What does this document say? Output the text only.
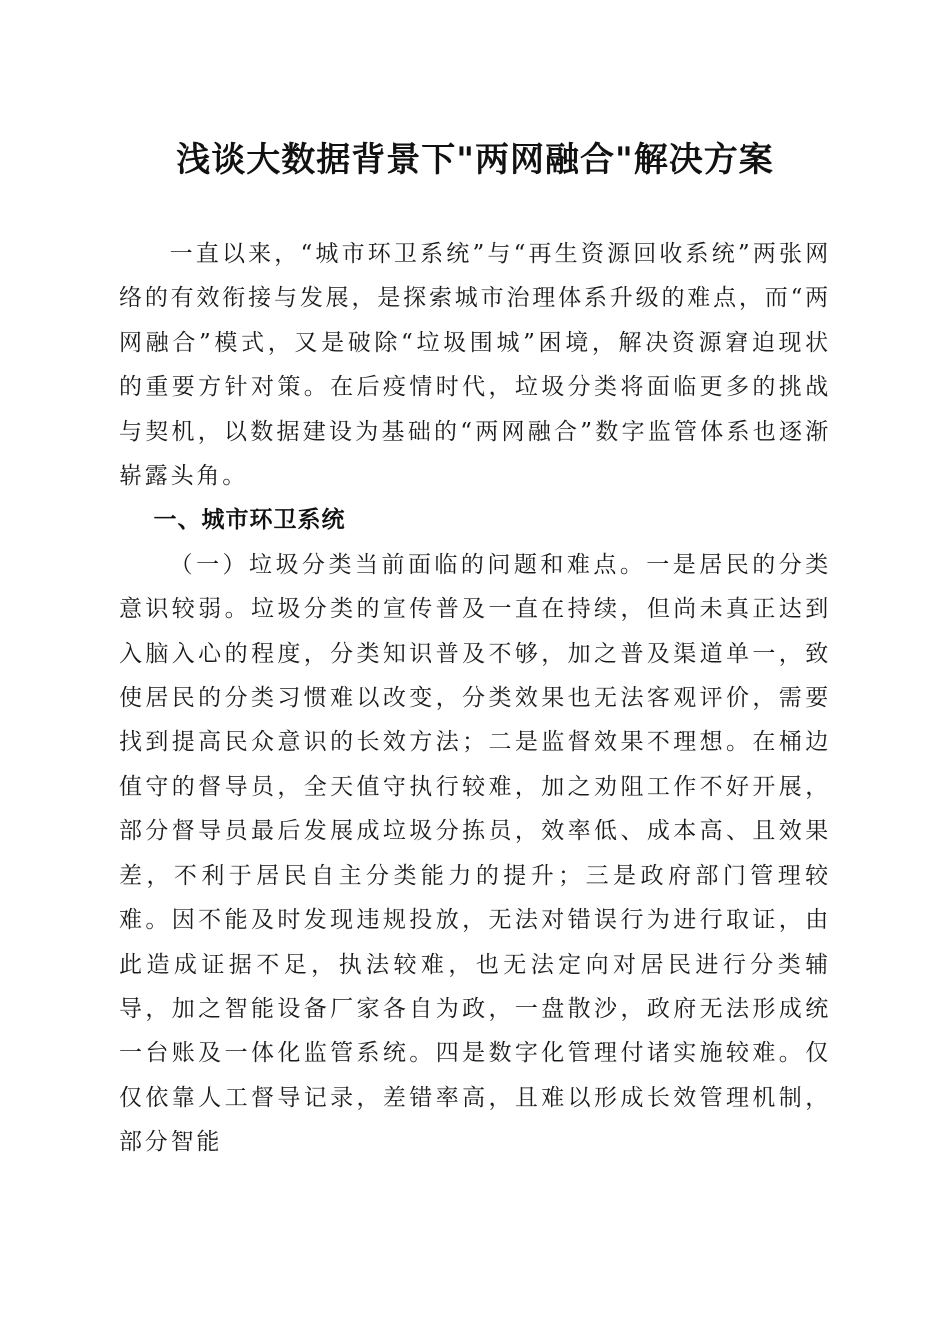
浅谈大数据背景下"两网融合"解决方案

一直以来，“城市环卫系统”与“再生资源回收系统”两张网络的有效衔接与发展，是探索城市治理体系升级的难点，而“两网融合”模式，又是破除“垃圾围城”困境，解决资源窘迫现状的重要方针对策。在后疫情时代，垃圾分类将面临更多的挑战与契机，以数据建设为基础的“两网融合”数字监管体系也逐渐崭露头角。

一、城市环卫系统

（一）垃圾分类当前面临的问题和难点。一是居民的分类意识较弱。垃圾分类的宣传普及一直在持续，但尚未真正达到入脑入心的程度，分类知识普及不够，加之普及渠道单一，致使居民的分类习惯难以改变，分类效果也无法客观评价，需要找到提高民众意识的长效方法；二是监督效果不理想。在桶边值守的督导员，全天值守执行较难，加之劝阻工作不好开展，部分督导员最后发展成垃圾分拣员，效率低、成本高、且效果差，不利于居民自主分类能力的提升；三是政府部门管理较难。因不能及时发现违规投放，无法对错误行为进行取证，由此造成证据不足，执法较难，也无法定向对居民进行分类辅导，加之智能设备厂家各自为政，一盘散沙，政府无法形成统一台账及一体化监管系统。四是数字化管理付诸实施较难。仅仅依靠人工督导记录，差错率高，且难以形成长效管理机制，部分智能
